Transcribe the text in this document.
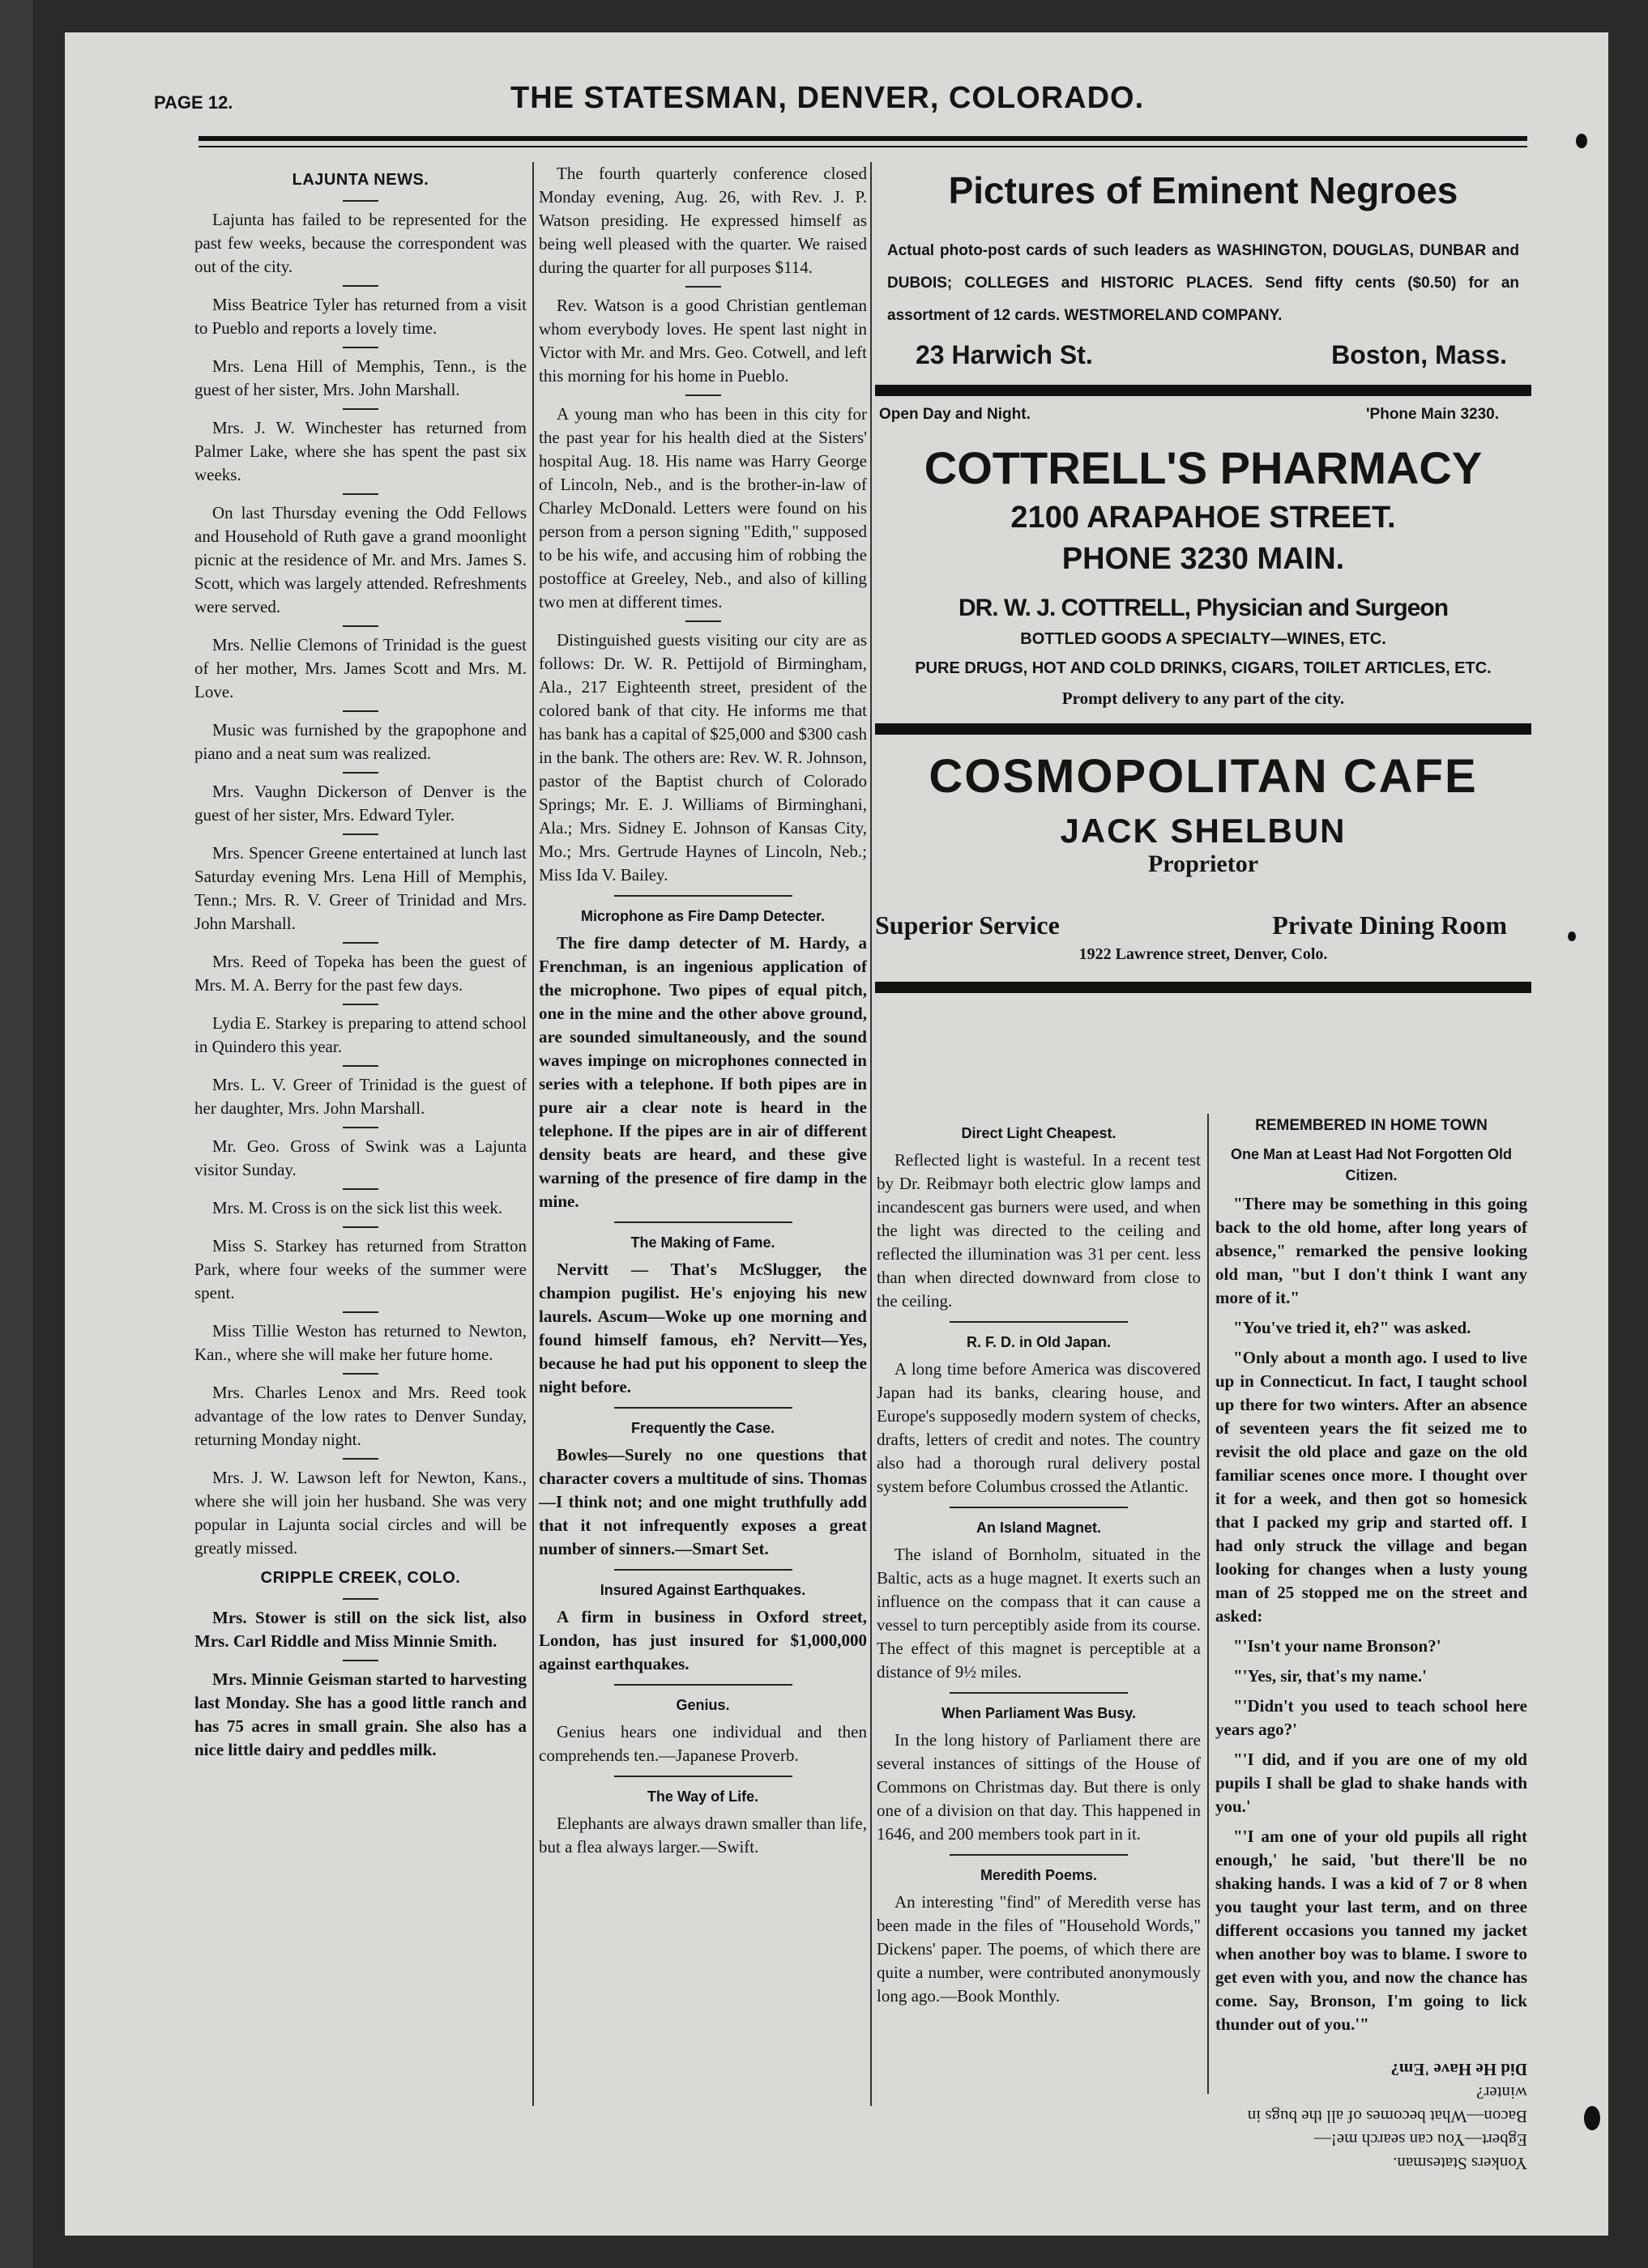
PAGE 12.	THE STATESMAN, DENVER, COLORADO.
LAJUNTA NEWS.

Lajunta has failed to be represented for the past few weeks, because the correspondent was out of the city.

Miss Beatrice Tyler has returned from a visit to Pueblo and reports a lovely time.

Mrs. Lena Hill of Memphis, Tenn., is the guest of her sister, Mrs. John Marshall.

Mrs. J. W. Winchester has returned from Palmer Lake, where she has spent the past six weeks.

On last Thursday evening the Odd Fellows and Household of Ruth gave a grand moonlight picnic at the residence of Mr. and Mrs. James S. Scott, which was largely attended. Refreshments were served.

Mrs. Nellie Clemons of Trinidad is the guest of her mother, Mrs. James Scott and Mrs. M. Love.

Music was furnished by the grapophone and piano and a neat sum was realized.

Mrs. Vaughn Dickerson of Denver is the guest of her sister, Mrs. Edward Tyler.

Mrs. Spencer Greene entertained at lunch last Saturday evening Mrs. Lena Hill of Memphis, Tenn.; Mrs. R. V. Greer of Trinidad and Mrs. John Marshall.

Mrs. Reed of Topeka has been the guest of Mrs. M. A. Berry for the past few days.

Lydia E. Starkey is preparing to attend school in Quindero this year.

Mrs. L. V. Greer of Trinidad is the guest of her daughter, Mrs. John Marshall.

Mr. Geo. Gross of Swink was a Lajunta visitor Sunday.

Mrs. M. Cross is on the sick list this week.

Miss S. Starkey has returned from Stratton Park, where four weeks of the summer were spent.

Miss Tillie Weston has returned to Newton, Kan., where she will make her future home.

Mrs. Charles Lenox and Mrs. Reed took advantage of the low rates to Denver Sunday, returning Monday night.

Mrs. J. W. Lawson left for Newton, Kans., where she will join her husband. She was very popular in Lajunta social circles and will be greatly missed.

CRIPPLE CREEK, COLO.

Mrs. Stower is still on the sick list, also Mrs. Carl Riddle and Miss Minnie Smith.

Mrs. Minnie Geisman started to harvesting last Monday. She has a good little ranch and has 75 acres in small grain. She also has a nice little dairy and peddles milk.

The fourth quarterly conference closed Monday evening, Aug. 26, with Rev. J. P. Watson presiding. He expressed himself as being well pleased with the quarter. We raised during the quarter for all purposes $114.

Rev. Watson is a good Christian gentleman whom everybody loves. He spent last night in Victor with Mr. and Mrs. Geo. Cotwell, and left this morning for his home in Pueblo.

A young man who has been in this city for the past year for his health died at the Sisters' hospital Aug. 18. His name was Harry George of Lincoln, Neb., and is the brother-in-law of Charley McDonald. Letters were found on his person from a person signing "Edith," supposed to be his wife, and accusing him of robbing the postoffice at Greeley, Neb., and also of killing two men at different times.

Distinguished guests visiting our city are as follows: Dr. W. R. Pettijold of Birmingham, Ala., 217 Eighteenth street, president of the colored bank of that city. He informs me that has bank has a capital of $25,000 and $300 cash in the bank. The others are: Rev. W. R. Johnson, pastor of the Baptist church of Colorado Springs; Mr. E. J. Williams of Birminghani, Ala.; Mrs. Sidney E. Johnson of Kansas City, Mo.; Mrs. Gertrude Haynes of Lincoln, Neb.; Miss Ida V. Bailey.

Microphone as Fire Damp Detecter.

The fire damp detecter of M. Hardy, a Frenchman, is an ingenious application of the microphone. Two pipes of equal pitch, one in the mine and the other above ground, are sounded simultaneously, and the sound waves impinge on microphones connected in series with a telephone. If both pipes are in pure air a clear note is heard in the telephone. If the pipes are in air of different density beats are heard, and these give warning of the presence of fire damp in the mine.

The Making of Fame.

Nervitt — That's McSlugger, the champion pugilist. He's enjoying his new laurels. Ascum—Woke up one morning and found himself famous, eh? Nervitt—Yes, because he had put his opponent to sleep the night before.

Frequently the Case.

Bowles—Surely no one questions that character covers a multitude of sins. Thomas—I think not; and one might truthfully add that it not infrequently exposes a great number of sinners.—Smart Set.

Insured Against Earthquakes.

A firm in business in Oxford street, London, has just insured for $1,000,000 against earthquakes.

Genius.

Genius hears one individual and then comprehends ten.—Japanese Proverb.

The Way of Life.

Elephants are always drawn smaller than life, but a flea always larger.—Swift.

Pictures of Eminent Negroes
Actual photo-post cards of such leaders as WASHINGTON, DOUGLAS, DUNBAR and DUBOIS; COLLEGES and HISTORIC PLACES. Send fifty cents ($0.50) for an assortment of 12 cards. WESTMORELAND COMPANY.
23 Harwich St.	Boston, Mass.
Open Day and Night.	'Phone Main 3230.
COTTRELL'S PHARMACY
2100 ARAPAHOE STREET.
PHONE 3230 MAIN.
DR. W. J. COTTRELL, Physician and Surgeon
BOTTLED GOODS A SPECIALTY—WINES, ETC.
PURE DRUGS, HOT AND COLD DRINKS, CIGARS, TOILET ARTICLES, ETC.
Prompt delivery to any part of the city.
COSMOPOLITAN CAFE
JACK SHELBUN
Proprietor
Superior Service	Private Dining Room
1922 Lawrence street, Denver, Colo.
Direct Light Cheapest.

Reflected light is wasteful. In a recent test by Dr. Reibmayr both electric glow lamps and incandescent gas burners were used, and when the light was directed to the ceiling and reflected the illumination was 31 per cent. less than when directed downward from close to the ceiling.

R. F. D. in Old Japan.

A long time before America was discovered Japan had its banks, clearing house, and Europe's supposedly modern system of checks, drafts, letters of credit and notes. The country also had a thorough rural delivery postal system before Columbus crossed the Atlantic.

An Island Magnet.

The island of Bornholm, situated in the Baltic, acts as a huge magnet. It exerts such an influence on the compass that it can cause a vessel to turn perceptibly aside from its course. The effect of this magnet is perceptible at a distance of 9½ miles.

When Parliament Was Busy.

In the long history of Parliament there are several instances of sittings of the House of Commons on Christmas day. But there is only one of a division on that day. This happened in 1646, and 200 members took part in it.

Meredith Poems.

An interesting "find" of Meredith verse has been made in the files of "Household Words," Dickens' paper. The poems, of which there are quite a number, were contributed anonymously long ago.—Book Monthly.

REMEMBERED IN HOME TOWN
One Man at Least Had Not Forgotten Old Citizen.

"There may be something in this going back to the old home, after long years of absence," remarked the pensive looking old man, "but I don't think I want any more of it."

"You've tried it, eh?" was asked.

"Only about a month ago. I used to live up in Connecticut. In fact, I taught school up there for two winters. After an absence of seventeen years the fit seized me to revisit the old place and gaze on the old familiar scenes once more. I thought over it for a week, and then got so homesick that I packed my grip and started off. I had only struck the village and began looking for changes when a lusty young man of 25 stopped me on the street and asked:

"'Isn't your name Bronson?'

"'Yes, sir, that's my name.'

"'Didn't you used to teach school here years ago?'

"'I did, and if you are one of my old pupils I shall be glad to shake hands with you.'

"'I am one of your old pupils all right enough,' he said, 'but there'll be no shaking hands. I was a kid of 7 or 8 when you taught your last term, and on three different occasions you tanned my jacket when another boy was to blame. I swore to get even with you, and now the chance has come. Say, Bronson, I'm going to lick thunder out of you.'"

Yonkers Statesman.

Egbert—You can search me!—

Bacon—What becomes of all the bugs in winter?

Did He Have 'Em?
